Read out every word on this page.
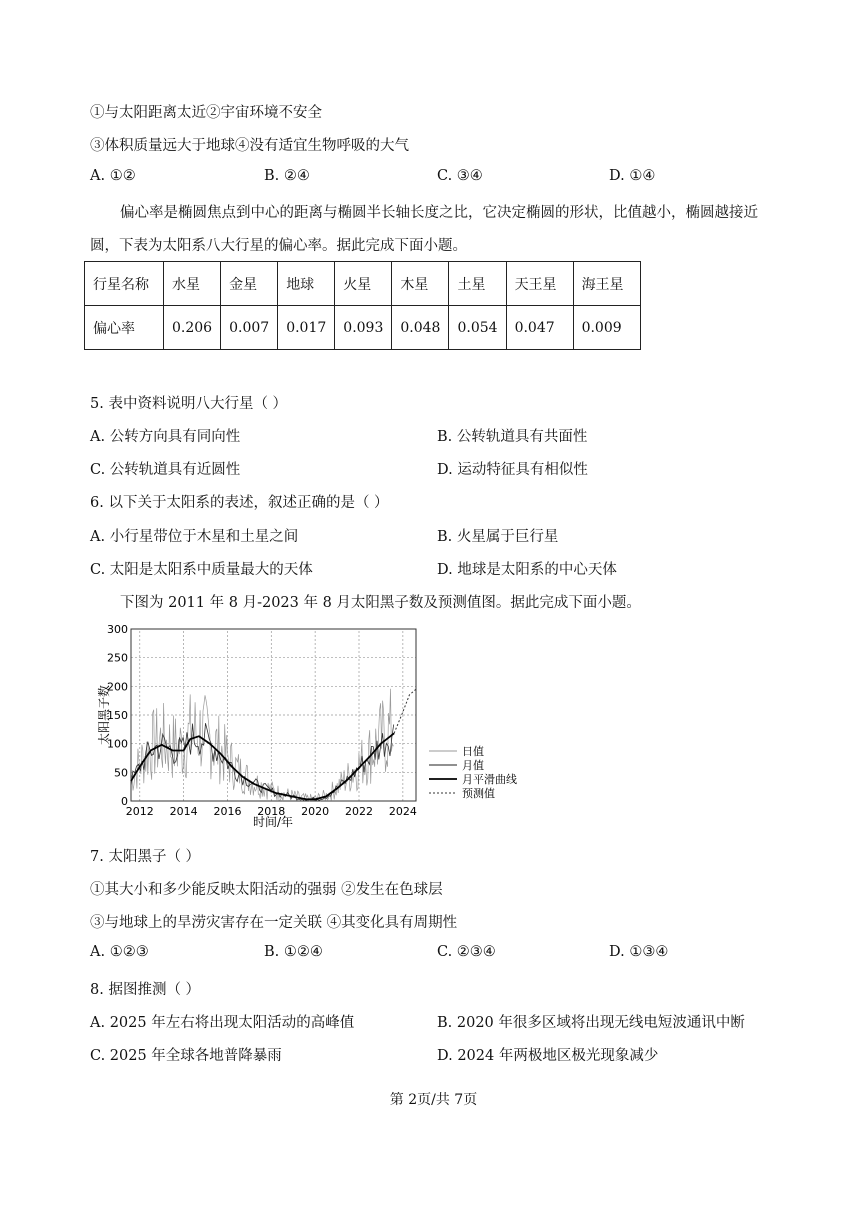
①与太阳距离太近②宇宙环境不安全
③体积质量远大于地球④没有适宜生物呼吸的大气
A. ①②	B. ②④	C. ③④	D. ①④
偏心率是椭圆焦点到中心的距离与椭圆半长轴长度之比，它决定椭圆的形状，比值越小，椭圆越接近
圆，下表为太阳系八大行星的偏心率。据此完成下面小题。
行星名称	水星	金星	地球	火星	木星	土星	天王星	海王星
偏心率	0.206	0.007	0.017	0.093	0.048	0.054	0.047	0.009
5. 表中资料说明八大行星（ ）
A. 公转方向具有同向性	B. 公转轨道具有共面性
C. 公转轨道具有近圆性	D. 运动特征具有相似性
6. 以下关于太阳系的表述，叙述正确的是（ ）
A. 小行星带位于木星和土星之间	B. 火星属于巨行星
C. 太阳是太阳系中质量最大的天体	D. 地球是太阳系的中心天体
下图为 2011 年 8 月-2023 年 8 月太阳黑子数及预测值图。据此完成下面小题。
0
50
100
150
200
250
300
2012 2014 2016 2018 2020 2022 2024
太阳黑子数
时间/年
日值
月值
月平滑曲线
预测值
7. 太阳黑子（ ）
①其大小和多少能反映太阳活动的强弱 ②发生在色球层
③与地球上的旱涝灾害存在一定关联 ④其变化具有周期性
A. ①②③	B. ①②④	C. ②③④	D. ①③④
8. 据图推测（ ）
A. 2025 年左右将出现太阳活动的高峰值	B. 2020 年很多区域将出现无线电短波通讯中断
C. 2025 年全球各地普降暴雨	D. 2024 年两极地区极光现象减少
第 2页/共 7页
